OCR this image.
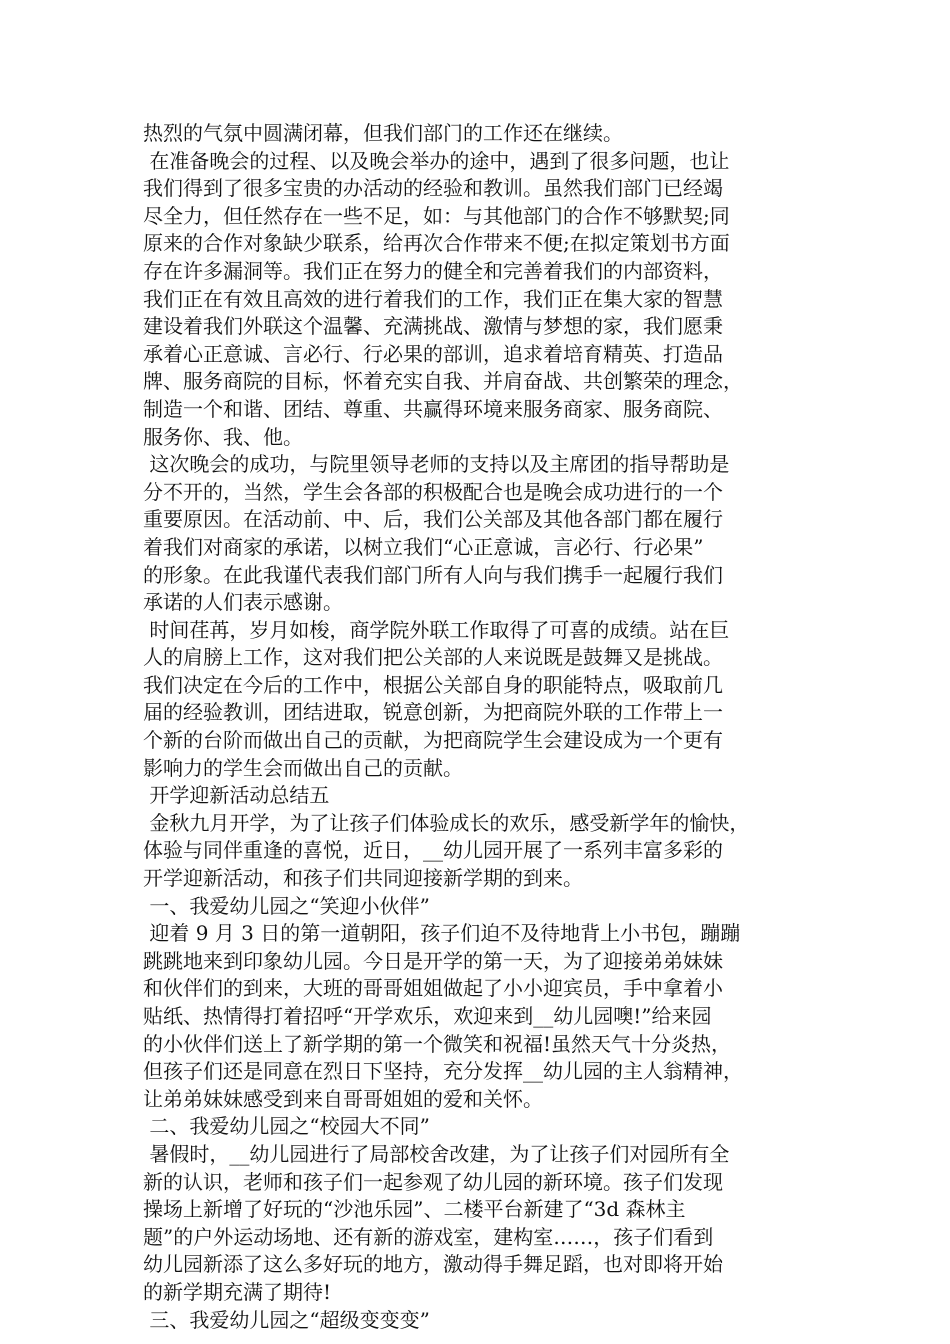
热烈的气氛中圆满闭幕，但我们部门的工作还在继续。
在准备晚会的过程、以及晚会举办的途中，遇到了很多问题，也让
我们得到了很多宝贵的办活动的经验和教训。虽然我们部门已经竭
尽全力，但任然存在一些不足，如：与其他部门的合作不够默契;同
原来的合作对象缺少联系，给再次合作带来不便;在拟定策划书方面
存在许多漏洞等。我们正在努力的健全和完善着我们的内部资料，
我们正在有效且高效的进行着我们的工作，我们正在集大家的智慧
建设着我们外联这个温馨、充满挑战、激情与梦想的家，我们愿秉
承着心正意诚、言必行、行必果的部训，追求着培育精英、打造品
牌、服务商院的目标，怀着充实自我、并肩奋战、共创繁荣的理念，
制造一个和谐、团结、尊重、共赢得环境来服务商家、服务商院、
服务你、我、他。
这次晚会的成功，与院里领导老师的支持以及主席团的指导帮助是
分不开的，当然，学生会各部的积极配合也是晚会成功进行的一个
重要原因。在活动前、中、后，我们公关部及其他各部门都在履行
着我们对商家的承诺，以树立我们“心正意诚，言必行、行必果”
的形象。在此我谨代表我们部门所有人向与我们携手一起履行我们
承诺的人们表示感谢。
时间荏苒，岁月如梭，商学院外联工作取得了可喜的成绩。站在巨
人的肩膀上工作，这对我们把公关部的人来说既是鼓舞又是挑战。
我们决定在今后的工作中，根据公关部自身的职能特点，吸取前几
届的经验教训，团结进取，锐意创新，为把商院外联的工作带上一
个新的台阶而做出自己的贡献，为把商院学生会建设成为一个更有
影响力的学生会而做出自己的贡献。
开学迎新活动总结五
金秋九月开学，为了让孩子们体验成长的欢乐，感受新学年的愉快，
体验与同伴重逢的喜悦，近日，__幼儿园开展了一系列丰富多彩的
开学迎新活动，和孩子们共同迎接新学期的到来。
一、我爱幼儿园之“笑迎小伙伴”
迎着 9 月 3 日的第一道朝阳，孩子们迫不及待地背上小书包，蹦蹦
跳跳地来到印象幼儿园。今日是开学的第一天，为了迎接弟弟妹妹
和伙伴们的到来，大班的哥哥姐姐做起了小小迎宾员，手中拿着小
贴纸、热情得打着招呼“开学欢乐，欢迎来到__幼儿园噢!”给来园
的小伙伴们送上了新学期的第一个微笑和祝福!虽然天气十分炎热，
但孩子们还是同意在烈日下坚持，充分发挥__幼儿园的主人翁精神，
让弟弟妹妹感受到来自哥哥姐姐的爱和关怀。
二、我爱幼儿园之“校园大不同”
暑假时，__幼儿园进行了局部校舍改建，为了让孩子们对园所有全
新的认识，老师和孩子们一起参观了幼儿园的新环境。孩子们发现
操场上新增了好玩的“沙池乐园”、二楼平台新建了“3d 森林主
题”的户外运动场地、还有新的游戏室，建构室……，孩子们看到
幼儿园新添了这么多好玩的地方，激动得手舞足蹈，也对即将开始
的新学期充满了期待!
三、我爱幼儿园之“超级变变变”
